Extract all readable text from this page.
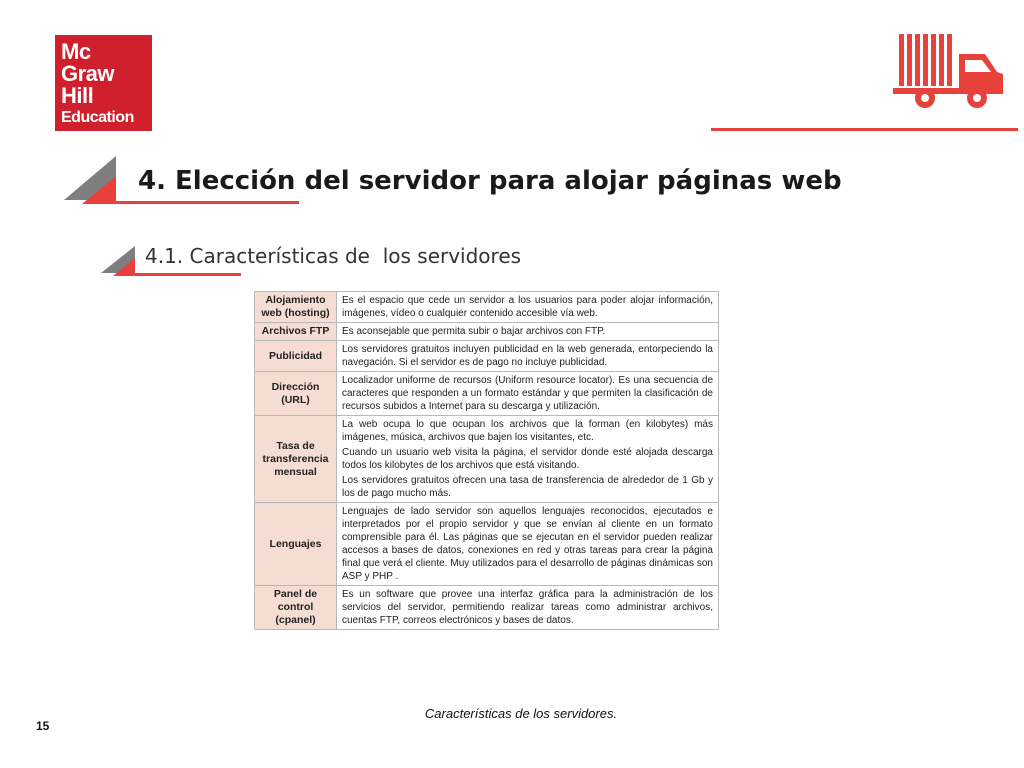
Mc
Graw
Hill
Education
4. Elección del servidor para alojar páginas web
4.1. Características de  los servidores
Alojamiento web (hosting)	Es el espacio que cede un servidor a los usuarios para poder alojar información, imágenes, vídeo o cualquier contenido accesible vía web.

Archivos FTP	Es aconsejable que permita subir o bajar archivos con FTP.

Publicidad	Los servidores gratuitos incluyen publicidad en la web generada, entorpeciendo la navegación. Si el servidor es de pago no incluye publicidad.

Dirección (URL)	Localizador uniforme de recursos (Uniform resource locator). Es una secuencia de caracteres que responden a un formato estándar y que permiten la clasificación de recursos subidos a Internet para su descarga y utilización.

Tasa de transferencia mensual	La web ocupa lo que ocupan los archivos que la forman (en kilobytes) más imágenes, música, archivos que bajen los visitantes, etc.

Cuando un usuario web visita la página, el servidor donde esté alojada descarga todos los kilobytes de los archivos que está visitando.

Los servidores gratuitos ofrecen una tasa de transferencia de alrededor de 1 Gb y los de pago mucho más.

Lenguajes	Lenguajes de lado servidor son aquellos lenguajes reconocidos, ejecutados e interpretados por el propio servidor y que se envían al cliente en un formato comprensible para él. Las páginas que se ejecutan en el servidor pueden realizar accesos a bases de datos, conexiones en red y otras tareas para crear la página final que verá el cliente. Muy utilizados para el desarrollo de páginas dinámicas son ASP y PHP .

Panel de control (cpanel)	Es un software que provee una interfaz gráfica para la administración de los servicios del servidor, permitiendo realizar tareas como administrar archivos, cuentas FTP, correos electrónicos y bases de datos.

Características de los servidores.
15
